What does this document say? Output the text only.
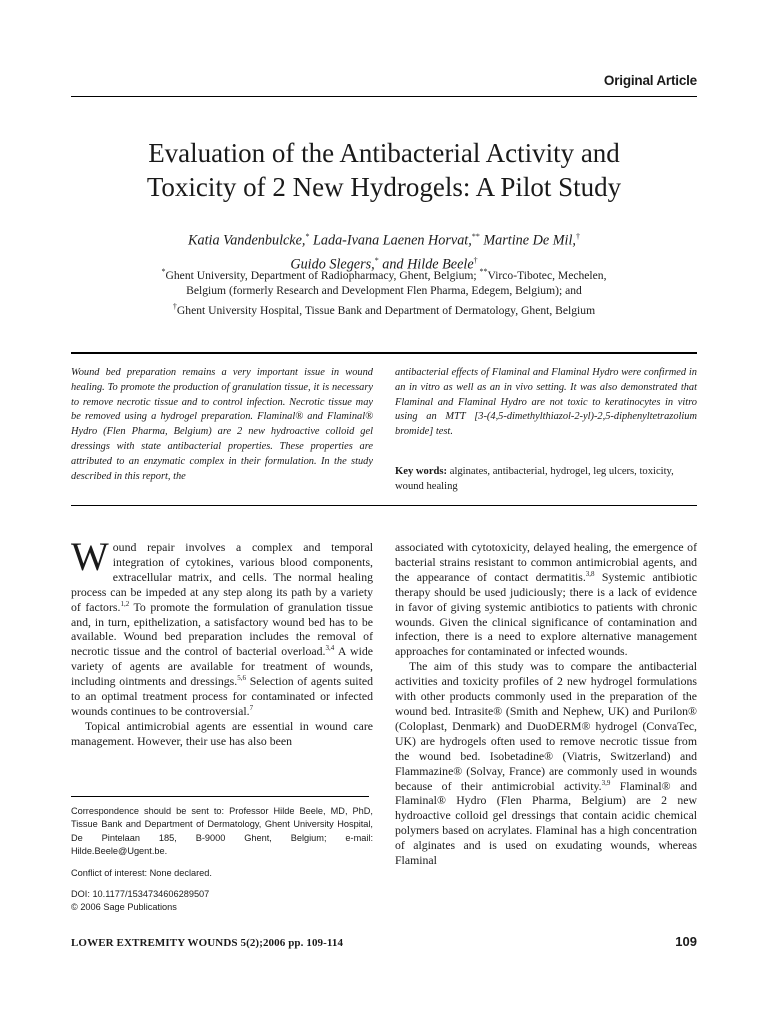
Original Article
Evaluation of the Antibacterial Activity and
Toxicity of 2 New Hydrogels: A Pilot Study
Katia Vandenbulcke,* Lada-Ivana Laenen Horvat,** Martine De Mil,†
Guido Slegers,* and Hilde Beele†
*Ghent University, Department of Radiopharmacy, Ghent, Belgium; **Virco-Tibotec, Mechelen,
Belgium (formerly Research and Development Flen Pharma, Edegem, Belgium); and
†Ghent University Hospital, Tissue Bank and Department of Dermatology, Ghent, Belgium
Wound bed preparation remains a very important issue in wound healing. To promote the production of granulation tissue, it is necessary to remove necrotic tissue and to control infection. Necrotic tissue may be removed using a hydrogel preparation. Flaminal® and Flaminal® Hydro (Flen Pharma, Belgium) are 2 new hydroactive colloid gel dressings with state antibacterial properties. These properties are attributed to an enzymatic complex in their formulation. In the study described in this report, the
antibacterial effects of Flaminal and Flaminal Hydro were confirmed in an in vitro as well as an in vivo setting. It was also demonstrated that Flaminal and Flaminal Hydro are not toxic to keratinocytes in vitro using an MTT [3-(4,5-dimethylthiazol-2-yl)-2,5-diphenyltetrazolium bromide] test.
Key words: alginates, antibacterial, hydrogel, leg ulcers, toxicity, wound healing

Wound repair involves a complex and temporal integration of cytokines, various blood components, extracellular matrix, and cells. The normal healing process can be impeded at any step along its path by a variety of factors.$^{1,2}$ To promote the formulation of granulation tissue and, in turn, epithelization, a satisfactory wound bed has to be available. Wound bed preparation includes the removal of necrotic tissue and the control of bacterial overload.$^{3,4}$ A wide variety of agents are available for treatment of wounds, including ointments and dressings.$^{5,6}$ Selection of agents suited to an optimal treatment process for contaminated or infected wounds continues to be controversial.$^7$

Topical antimicrobial agents are essential in wound care management. However, their use has also been

associated with cytotoxicity, delayed healing, the emergence of bacterial strains resistant to common antimicrobial agents, and the appearance of contact dermatitis.$^{3,8}$ Systemic antibiotic therapy should be used judiciously; there is a lack of evidence in favor of giving systemic antibiotics to patients with chronic wounds. Given the clinical significance of contamination and infection, there is a need to explore alternative management approaches for contaminated or infected wounds.

The aim of this study was to compare the antibacterial activities and toxicity profiles of 2 new hydrogel formulations with other products commonly used in the preparation of the wound bed. Intrasite® (Smith and Nephew, UK) and Purilon® (Coloplast, Denmark) and DuoDERM® hydrogel (ConvaTec, UK) are hydrogels often used to remove necrotic tissue from the wound bed. Isobetadine® (Viatris, Switzerland) and Flammazine® (Solvay, France) are commonly used in wounds because of their antimicrobial activity.$^{3,9}$ Flaminal® and Flaminal® Hydro (Flen Pharma, Belgium) are 2 new hydroactive colloid gel dressings that contain acidic chemical polymers based on acrylates. Flaminal has a high concentration of alginates and is used on exudating wounds, whereas Flaminal

Correspondence should be sent to: Professor Hilde Beele, MD, PhD, Tissue Bank and Department of Dermatology, Ghent University Hospital, De Pintelaan 185, B-9000 Ghent, Belgium; e-mail: Hilde.Beele@Ugent.be.

Conflict of interest: None declared.

DOI: 10.1177/1534734606289507

© 2006 Sage Publications

LOWER EXTREMITY WOUNDS 5(2);2006 pp. 109-114	109
